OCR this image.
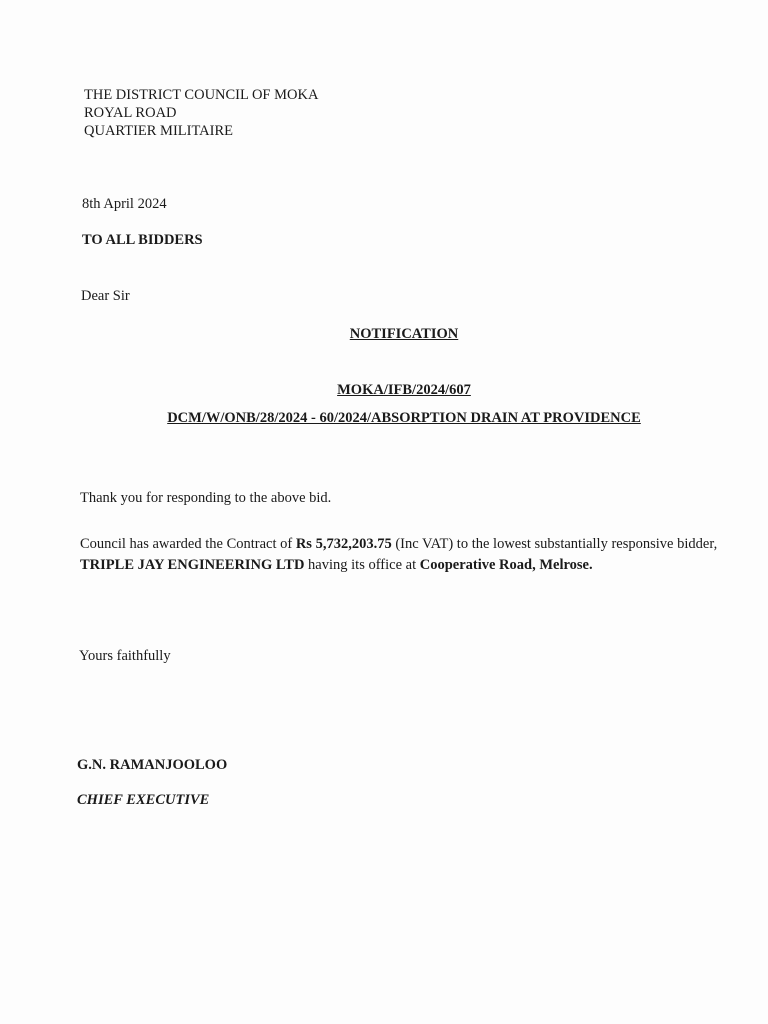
THE DISTRICT COUNCIL OF MOKA
ROYAL ROAD
QUARTIER MILITAIRE
8th April 2024
TO ALL BIDDERS
Dear Sir
NOTIFICATION
MOKA/IFB/2024/607
DCM/W/ONB/28/2024 - 60/2024/ABSORPTION DRAIN AT PROVIDENCE
Thank you for responding to the above bid.
Council has awarded the Contract of Rs 5,732,203.75 (Inc VAT) to the lowest substantially responsive bidder, TRIPLE JAY ENGINEERING LTD having its office at Cooperative Road, Melrose.
Yours faithfully
G.N. RAMANJOOLOO
CHIEF EXECUTIVE
